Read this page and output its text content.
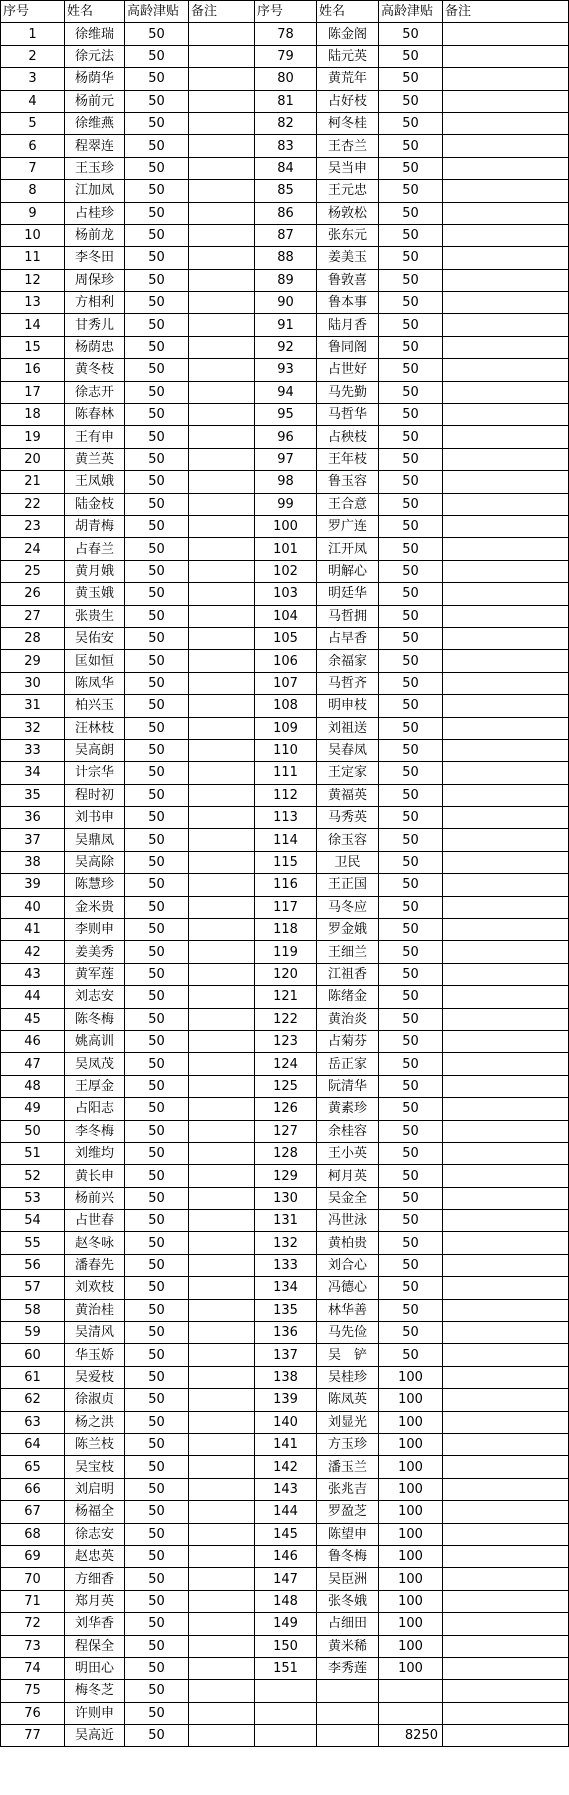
序号	姓名	高龄津贴	备注	序号	姓名	高龄津贴	备注
1	徐维瑞	50		78	陈金阁	50	
2	徐元法	50		79	陆元英	50	
3	杨荫华	50		80	黄荒年	50	
4	杨前元	50		81	占好枝	50	
5	徐维燕	50		82	柯冬桂	50	
6	程翠连	50		83	王杏兰	50	
7	王玉珍	50		84	吴当申	50	
8	江加凤	50		85	王元忠	50	
9	占桂珍	50		86	杨敦松	50	
10	杨前龙	50		87	张东元	50	
11	李冬田	50		88	姜美玉	50	
12	周保珍	50		89	鲁敦喜	50	
13	方相利	50		90	鲁本事	50	
14	甘秀儿	50		91	陆月香	50	
15	杨荫忠	50		92	鲁同阁	50	
16	黄冬枝	50		93	占世好	50	
17	徐志开	50		94	马先勤	50	
18	陈春林	50		95	马哲华	50	
19	王有申	50		96	占秧枝	50	
20	黄兰英	50		97	王年枝	50	
21	王凤娥	50		98	鲁玉容	50	
22	陆金枝	50		99	王合意	50	
23	胡青梅	50		100	罗广连	50	
24	占春兰	50		101	江开凤	50	
25	黄月娥	50		102	明解心	50	
26	黄玉娥	50		103	明廷华	50	
27	张贵生	50		104	马哲拥	50	
28	吴佑安	50		105	占早香	50	
29	匡如恒	50		106	余福家	50	
30	陈凤华	50		107	马哲齐	50	
31	柏兴玉	50		108	明申枝	50	
32	汪林枝	50		109	刘祖送	50	
33	吴高朗	50		110	吴春凤	50	
34	计宗华	50		111	王定家	50	
35	程时初	50		112	黄福英	50	
36	刘书申	50		113	马秀英	50	
37	吴鼎凤	50		114	徐玉容	50	
38	吴高除	50		115	卫民	50	
39	陈慧珍	50		116	王正国	50	
40	金米贵	50		117	马冬应	50	
41	李则申	50		118	罗金娥	50	
42	姜美秀	50		119	王细兰	50	
43	黄军莲	50		120	江祖香	50	
44	刘志安	50		121	陈绪金	50	
45	陈冬梅	50		122	黄治炎	50	
46	姚高训	50		123	占菊芬	50	
47	吴凤茂	50		124	岳正家	50	
48	王厚金	50		125	阮清华	50	
49	占阳志	50		126	黄素珍	50	
50	李冬梅	50		127	余桂容	50	
51	刘维均	50		128	王小英	50	
52	黄长申	50		129	柯月英	50	
53	杨前兴	50		130	吴金全	50	
54	占世春	50		131	冯世泳	50	
55	赵冬咏	50		132	黄柏贵	50	
56	潘春先	50		133	刘合心	50	
57	刘欢枝	50		134	冯德心	50	
58	黄治桂	50		135	林华善	50	
59	吴清风	50		136	马先俭	50	
60	华玉娇	50		137	吴　铲	50	
61	吴爱枝	50		138	吴桂珍	100	
62	徐淑贞	50		139	陈凤英	100	
63	杨之洪	50		140	刘显光	100	
64	陈兰枝	50		141	方玉珍	100	
65	吴宝枝	50		142	潘玉兰	100	
66	刘启明	50		143	张兆吉	100	
67	杨福全	50		144	罗盈芝	100	
68	徐志安	50		145	陈望申	100	
69	赵忠英	50		146	鲁冬梅	100	
70	方细香	50		147	吴臣洲	100	
71	郑月英	50		148	张冬娥	100	
72	刘华香	50		149	占细田	100	
73	程保全	50		150	黄米稀	100	
74	明田心	50		151	李秀莲	100	
75	梅冬芝	50					
76	许则申	50					
77	吴高近	50				8250	
